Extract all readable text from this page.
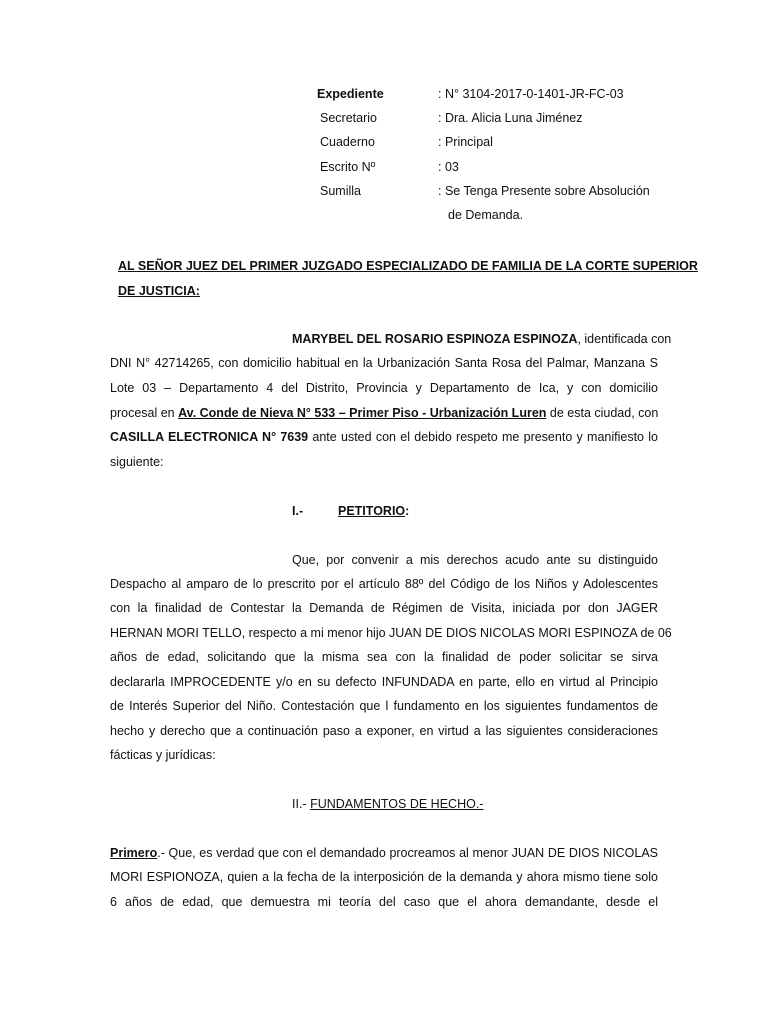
Expediente	: N° 3104-2017-0-1401-JR-FC-03
Secretario	: Dra. Alicia Luna Jiménez
Cuaderno	: Principal
Escrito Nº	: 03
Sumilla	: Se Tenga Presente sobre Absolución
de Demanda.
AL SEÑOR JUEZ DEL PRIMER JUZGADO ESPECIALIZADO DE FAMILIA DE LA CORTE SUPERIOR
DE JUSTICIA:
MARYBEL DEL ROSARIO ESPINOZA ESPINOZA, identificada con
DNI N° 42714265, con domicilio habitual en la Urbanización Santa Rosa del Palmar, Manzana S
Lote 03 – Departamento 4 del Distrito, Provincia y Departamento de Ica, y con domicilio
procesal en Av. Conde de Nieva N° 533 – Primer Piso - Urbanización Luren de esta ciudad, con
CASILLA ELECTRONICA N° 7639 ante usted con el debido respeto me presento y manifiesto lo
siguiente:
I.-	PETITORIO:
Que, por convenir a mis derechos acudo ante su distinguido
Despacho al amparo de lo prescrito por el artículo 88º del Código de los Niños y Adolescentes
con la finalidad de Contestar la Demanda de Régimen de Visita, iniciada por don JAGER
HERNAN MORI TELLO, respecto a mi menor hijo JUAN DE DIOS NICOLAS MORI ESPINOZA de 06
años de edad, solicitando que la misma sea con la finalidad de poder solicitar se sirva
declararla IMPROCEDENTE y/o en su defecto INFUNDADA en parte, ello en virtud al Principio
de Interés Superior del Niño. Contestación que l fundamento en los siguientes fundamentos de
hecho y derecho que a continuación paso a exponer, en virtud a las siguientes consideraciones
fácticas y jurídicas:
II.- FUNDAMENTOS DE HECHO.-
Primero.- Que, es verdad que con el demandado procreamos al menor JUAN DE DIOS NICOLAS
MORI ESPIONOZA, quien a la fecha de la interposición de la demanda y ahora mismo tiene solo
6 años de edad, que demuestra mi teoría del caso que el ahora demandante, desde el
